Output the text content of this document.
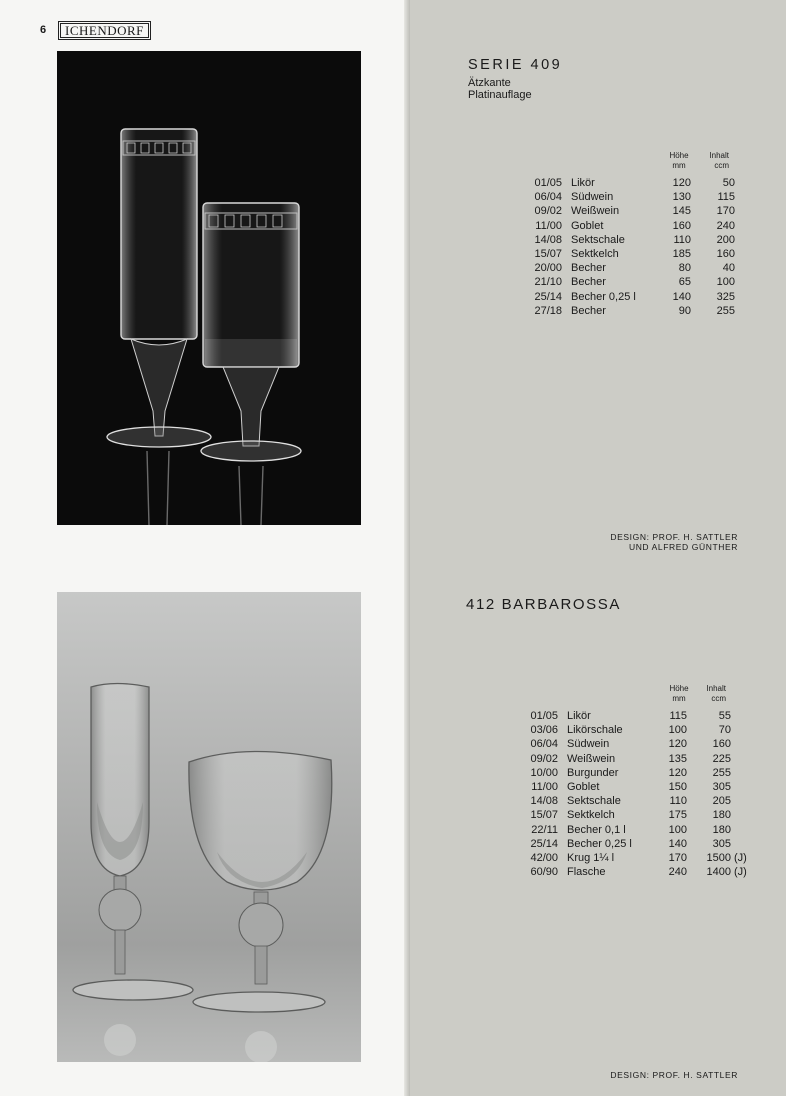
6	ICHENDORF
DESIGN: PROF. H. SATTLER
UND ALFRED GÜNTHER
DESIGN: PROF. H. SATTLER
SERIE 409
Ätzkante
Platinauflage
Höhe
mm
Inhalt
ccm
01/05	Likör	120	50	
06/04	Südwein	130	115	
09/02	Weißwein	145	170	
11/00	Goblet	160	240	
14/08	Sektschale	110	200	
15/07	Sektkelch	185	160	
20/00	Becher	80	40	
21/10	Becher	65	100	
25/14	Becher 0,25 l	140	325	
27/18	Becher	90	255	
412 BARBAROSSA
Höhe
mm
Inhalt
ccm
01/05	Likör	115	55	
03/06	Likörschale	100	70	
06/04	Südwein	120	160	
09/02	Weißwein	135	225	
10/00	Burgunder	120	255	
11/00	Goblet	150	305	
14/08	Sektschale	110	205	
15/07	Sektkelch	175	180	
22/11	Becher 0,1 l	100	180	
25/14	Becher 0,25 l	140	305	
42/00	Krug 1¼ l	170	1500	(J)
60/90	Flasche	240	1400	(J)
